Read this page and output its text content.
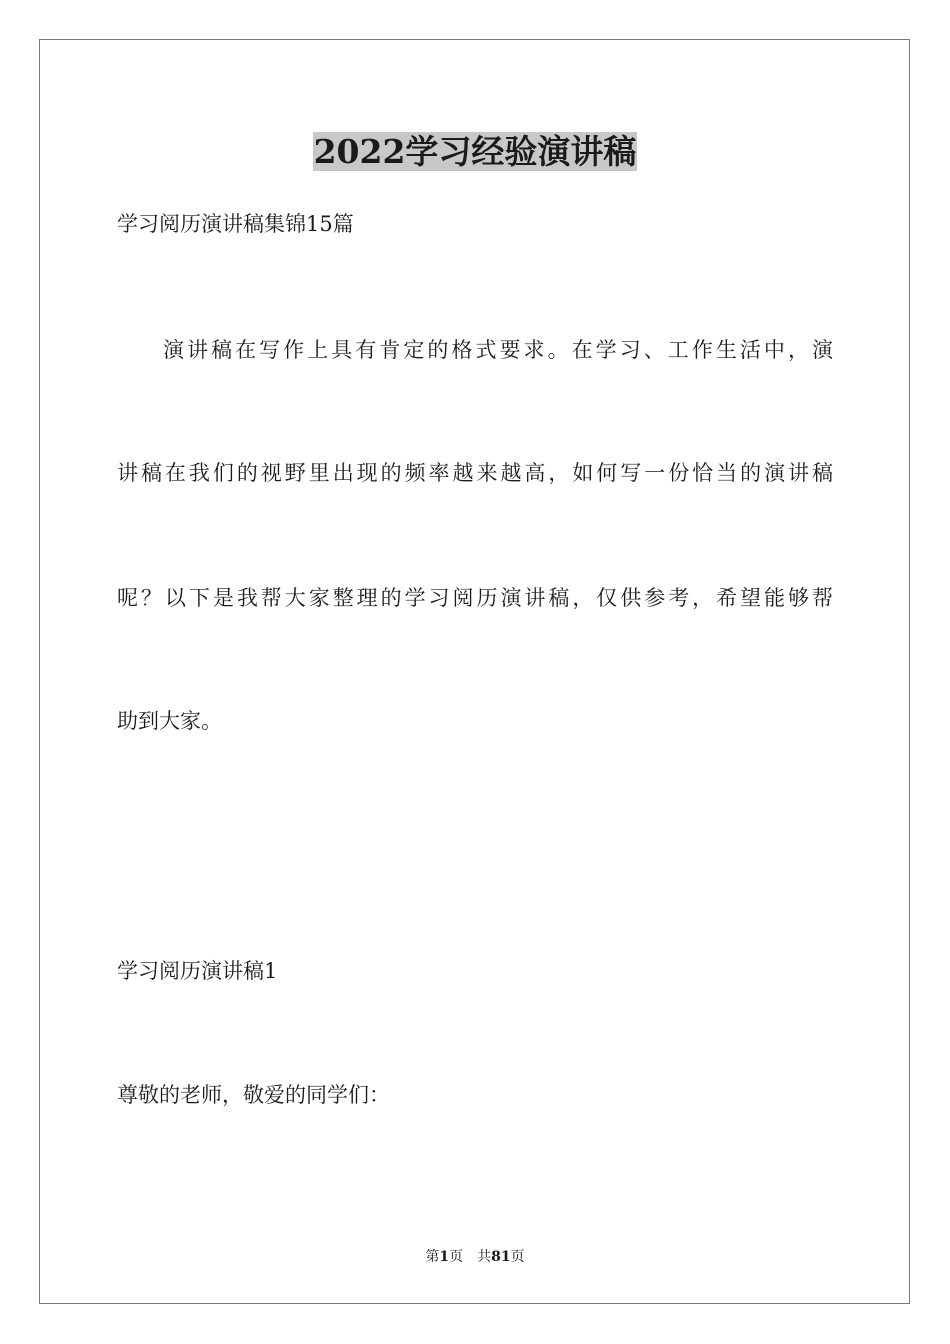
2022学习经验演讲稿
学习阅历演讲稿集锦15篇
演讲稿在写作上具有肯定的格式要求。在学习、工作生活中，演
讲稿在我们的视野里出现的频率越来越高，如何写一份恰当的演讲稿
呢？以下是我帮大家整理的学习阅历演讲稿，仅供参考，希望能够帮
助到大家。
学习阅历演讲稿1
尊敬的老师，敬爱的同学们：
第1页 共81页
